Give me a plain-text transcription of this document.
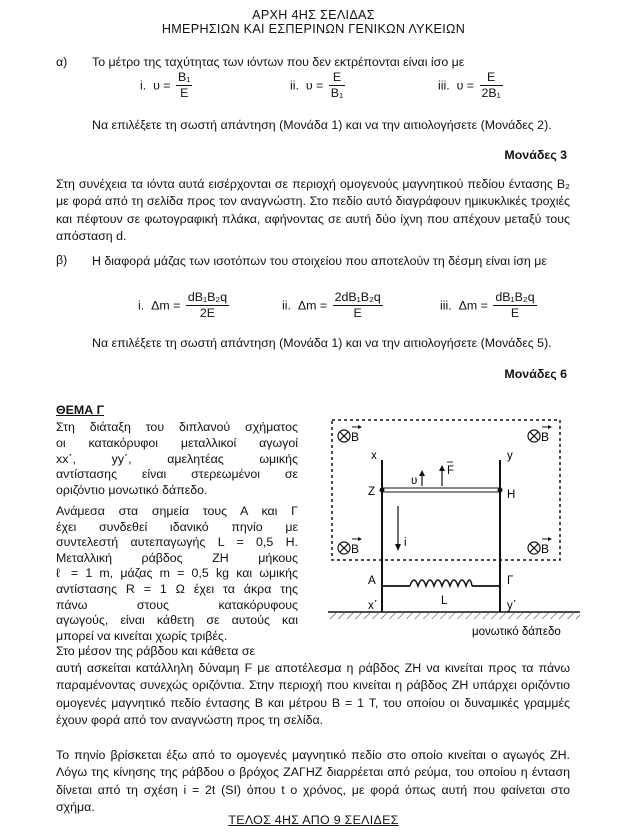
ΑΡΧΗ 4ΗΣ ΣΕΛΙΔΑΣ
ΗΜΕΡΗΣΙΩΝ ΚΑΙ ΕΣΠΕΡΙΝΩΝ ΓΕΝΙΚΩΝ ΛΥΚΕΙΩΝ
α) Το μέτρο της ταχύτητας των ιόντων που δεν εκτρέπονται είναι ίσο με
i. $\upsilon = \frac{\text{B₁}}{E}$	ii. $\upsilon = \frac{E}{\text{B₁}}$	iii. $\upsilon = \frac{E}{\text{2B₁}}$
Να επιλέξετε τη σωστή απάντηση (Μονάδα 1) και να την αιτιολογήσετε (Μονάδες 2).
Μονάδες 3
Στη συνέχεια τα ιόντα αυτά εισέρχονται σε περιοχή ομογενούς μαγνητικού πεδίου έντασης B₂ με φορά από τη σελίδα προς τον αναγνώστη. Στο πεδίο αυτό διαγράφουν ημικυκλικές τροχιές και πέφτουν σε φωτογραφική πλάκα, αφήνοντας σε αυτή δύο ίχνη που απέχουν μεταξύ τους απόσταση d.
β) Η διαφορά μάζας των ισοτόπων του στοιχείου που αποτελούν τη δέσμη είναι ίση με
i. $\Delta m = \frac{\text{dB₁B₂q}}{2E}$	ii. $\Delta m = \frac{\text{2dB₁B₂q}}{E}$	iii. $\Delta m = \frac{\text{dB₁B₂q}}{E}$
Να επιλέξετε τη σωστή απάντηση (Μονάδα 1) και να την αιτιολογήσετε (Μονάδες 5).
Μονάδες 6
ΘΕΜΑ Γ
Στη διάταξη του διπλανού σχήματος
οι κατακόρυφοι μεταλλικοί αγωγοί
xx΄, yy΄, αμελητέας ωμικής
αντίστασης είναι στερεωμένοι σε
οριζόντιο μονωτικό δάπεδο.
Ανάμεσα στα σημεία τους Α και Γ
έχει συνδεθεί ιδανικό πηνίο με
συντελεστή αυτεπαγωγής L = 0,5 H.
Μεταλλική ράβδος ΖΗ μήκους
ℓ = 1 m, μάζας m = 0,5 kg και ωμικής
αντίστασης R = 1 Ω έχει τα άκρα της
πάνω στους κατακόρυφους
αγωγούς, είναι κάθετη σε αυτούς και
μπορεί να κινείται χωρίς τριβές.
Στο μέσον της ράβδου και κάθετα σε
αυτή ασκείται κατάλληλη δύναμη F με αποτέλεσμα η ράβδος ΖΗ να κινείται προς τα πάνω παραμένοντας συνεχώς οριζόντια. Στην περιοχή που κινείται η ράβδος ΖΗ υπάρχει οριζόντιο ομογενές μαγνητικό πεδίο έντασης B και μέτρου B = 1 T, του οποίου οι δυναμικές γραμμές έχουν φορά από τον αναγνώστη προς τη σελίδα.
Το πηνίο βρίσκεται έξω από το ομογενές μαγνητικό πεδίο στο οποίο κινείται ο αγωγός ΖΗ. Λόγω της κίνησης της ράβδου ο βρόχος ΖΑΓΗΖ διαρρέεται από ρεύμα, του οποίου η ένταση δίνεται από τη σχέση i = 2t (SI) όπου t ο χρόνος, με φορά όπως αυτή που φαίνεται στο σχήμα.
B	B
B	B
x	y
Z	H
υ
F
i
Α	Γ
L
x΄	y΄
μονωτικό δάπεδο
ΤΕΛΟΣ 4ΗΣ ΑΠΟ 9 ΣΕΛΙΔΕΣ
